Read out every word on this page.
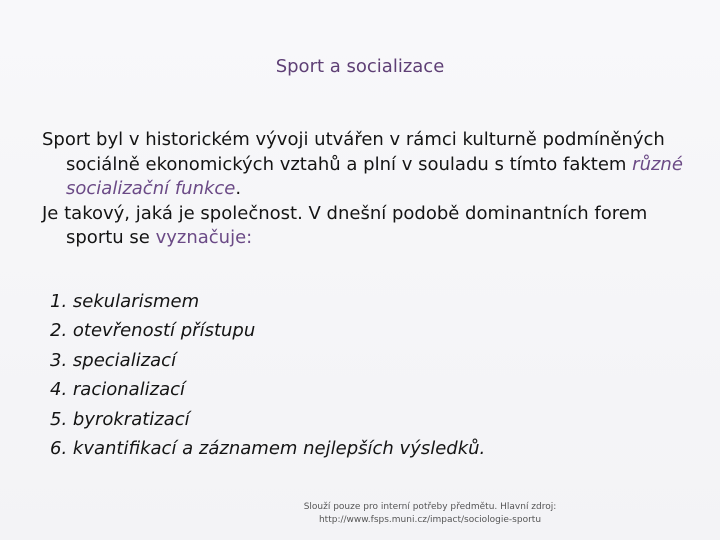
Sport a socializace

Sport byl v historickém vývoji utvářen v rámci kulturně podmíněných sociálně ekonomických vztahů a plní v souladu s tímto faktem různé socializační funkce.

Je takový, jaká je společnost. V dnešní podobě dominantních forem sportu se vyznačuje:

1. sekularismem
2. otevřeností přístupu
3. specializací
4. racionalizací
5. byrokratizací
6. kvantifikací a záznamem nejlepších výsledků.
Slouží pouze pro interní potřeby předmětu. Hlavní zdroj:
http://www.fsps.muni.cz/impact/sociologie-sportu
